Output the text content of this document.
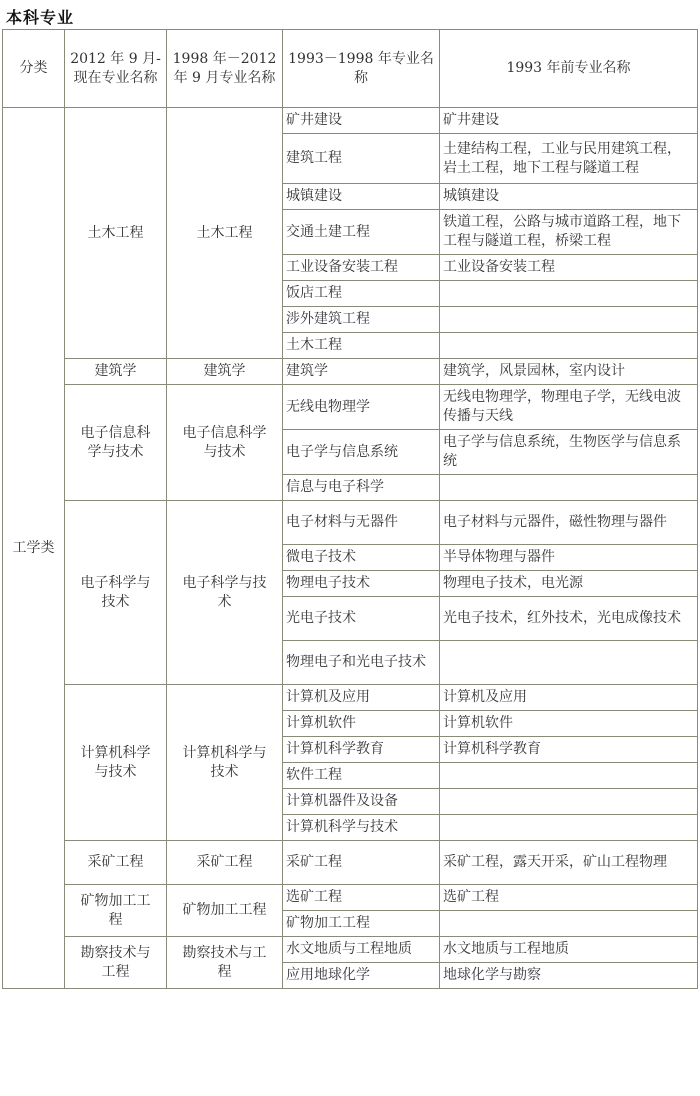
本科专业
分类	2012 年 9 月-现在专业名称	1998 年－2012 年 9 月专业名称	1993－1998 年专业名称	1993 年前专业名称
工学类	土木工程	土木工程	矿井建设	矿井建设
			建筑工程	土建结构工程，工业与民用建筑工程，岩土工程，地下工程与隧道工程
			城镇建设	城镇建设
			交通土建工程	铁道工程，公路与城市道路工程，地下工程与隧道工程，桥梁工程
			工业设备安装工程	工业设备安装工程
			饭店工程	
			涉外建筑工程	
			土木工程	
	建筑学	建筑学	建筑学	建筑学，风景园林，室内设计
	电子信息科学与技术	电子信息科学与技术	无线电物理学	无线电物理学，物理电子学，无线电波传播与天线
			电子学与信息系统	电子学与信息系统，生物医学与信息系统
			信息与电子科学	
	电子科学与技术	电子科学与技术	电子材料与无器件	电子材料与元器件，磁性物理与器件
			微电子技术	半导体物理与器件
			物理电子技术	物理电子技术，电光源
			光电子技术	光电子技术，红外技术，光电成像技术
			物理电子和光电子技术	
	计算机科学与技术	计算机科学与技术	计算机及应用	计算机及应用
			计算机软件	计算机软件
			计算机科学教育	计算机科学教育
			软件工程	
			计算机器件及设备	
			计算机科学与技术	
	采矿工程	采矿工程	采矿工程	采矿工程，露天开采，矿山工程物理
	矿物加工工程	矿物加工工程	选矿工程	选矿工程
			矿物加工工程	
	勘察技术与工程	勘察技术与工程	水文地质与工程地质	水文地质与工程地质
			应用地球化学	地球化学与勘察
